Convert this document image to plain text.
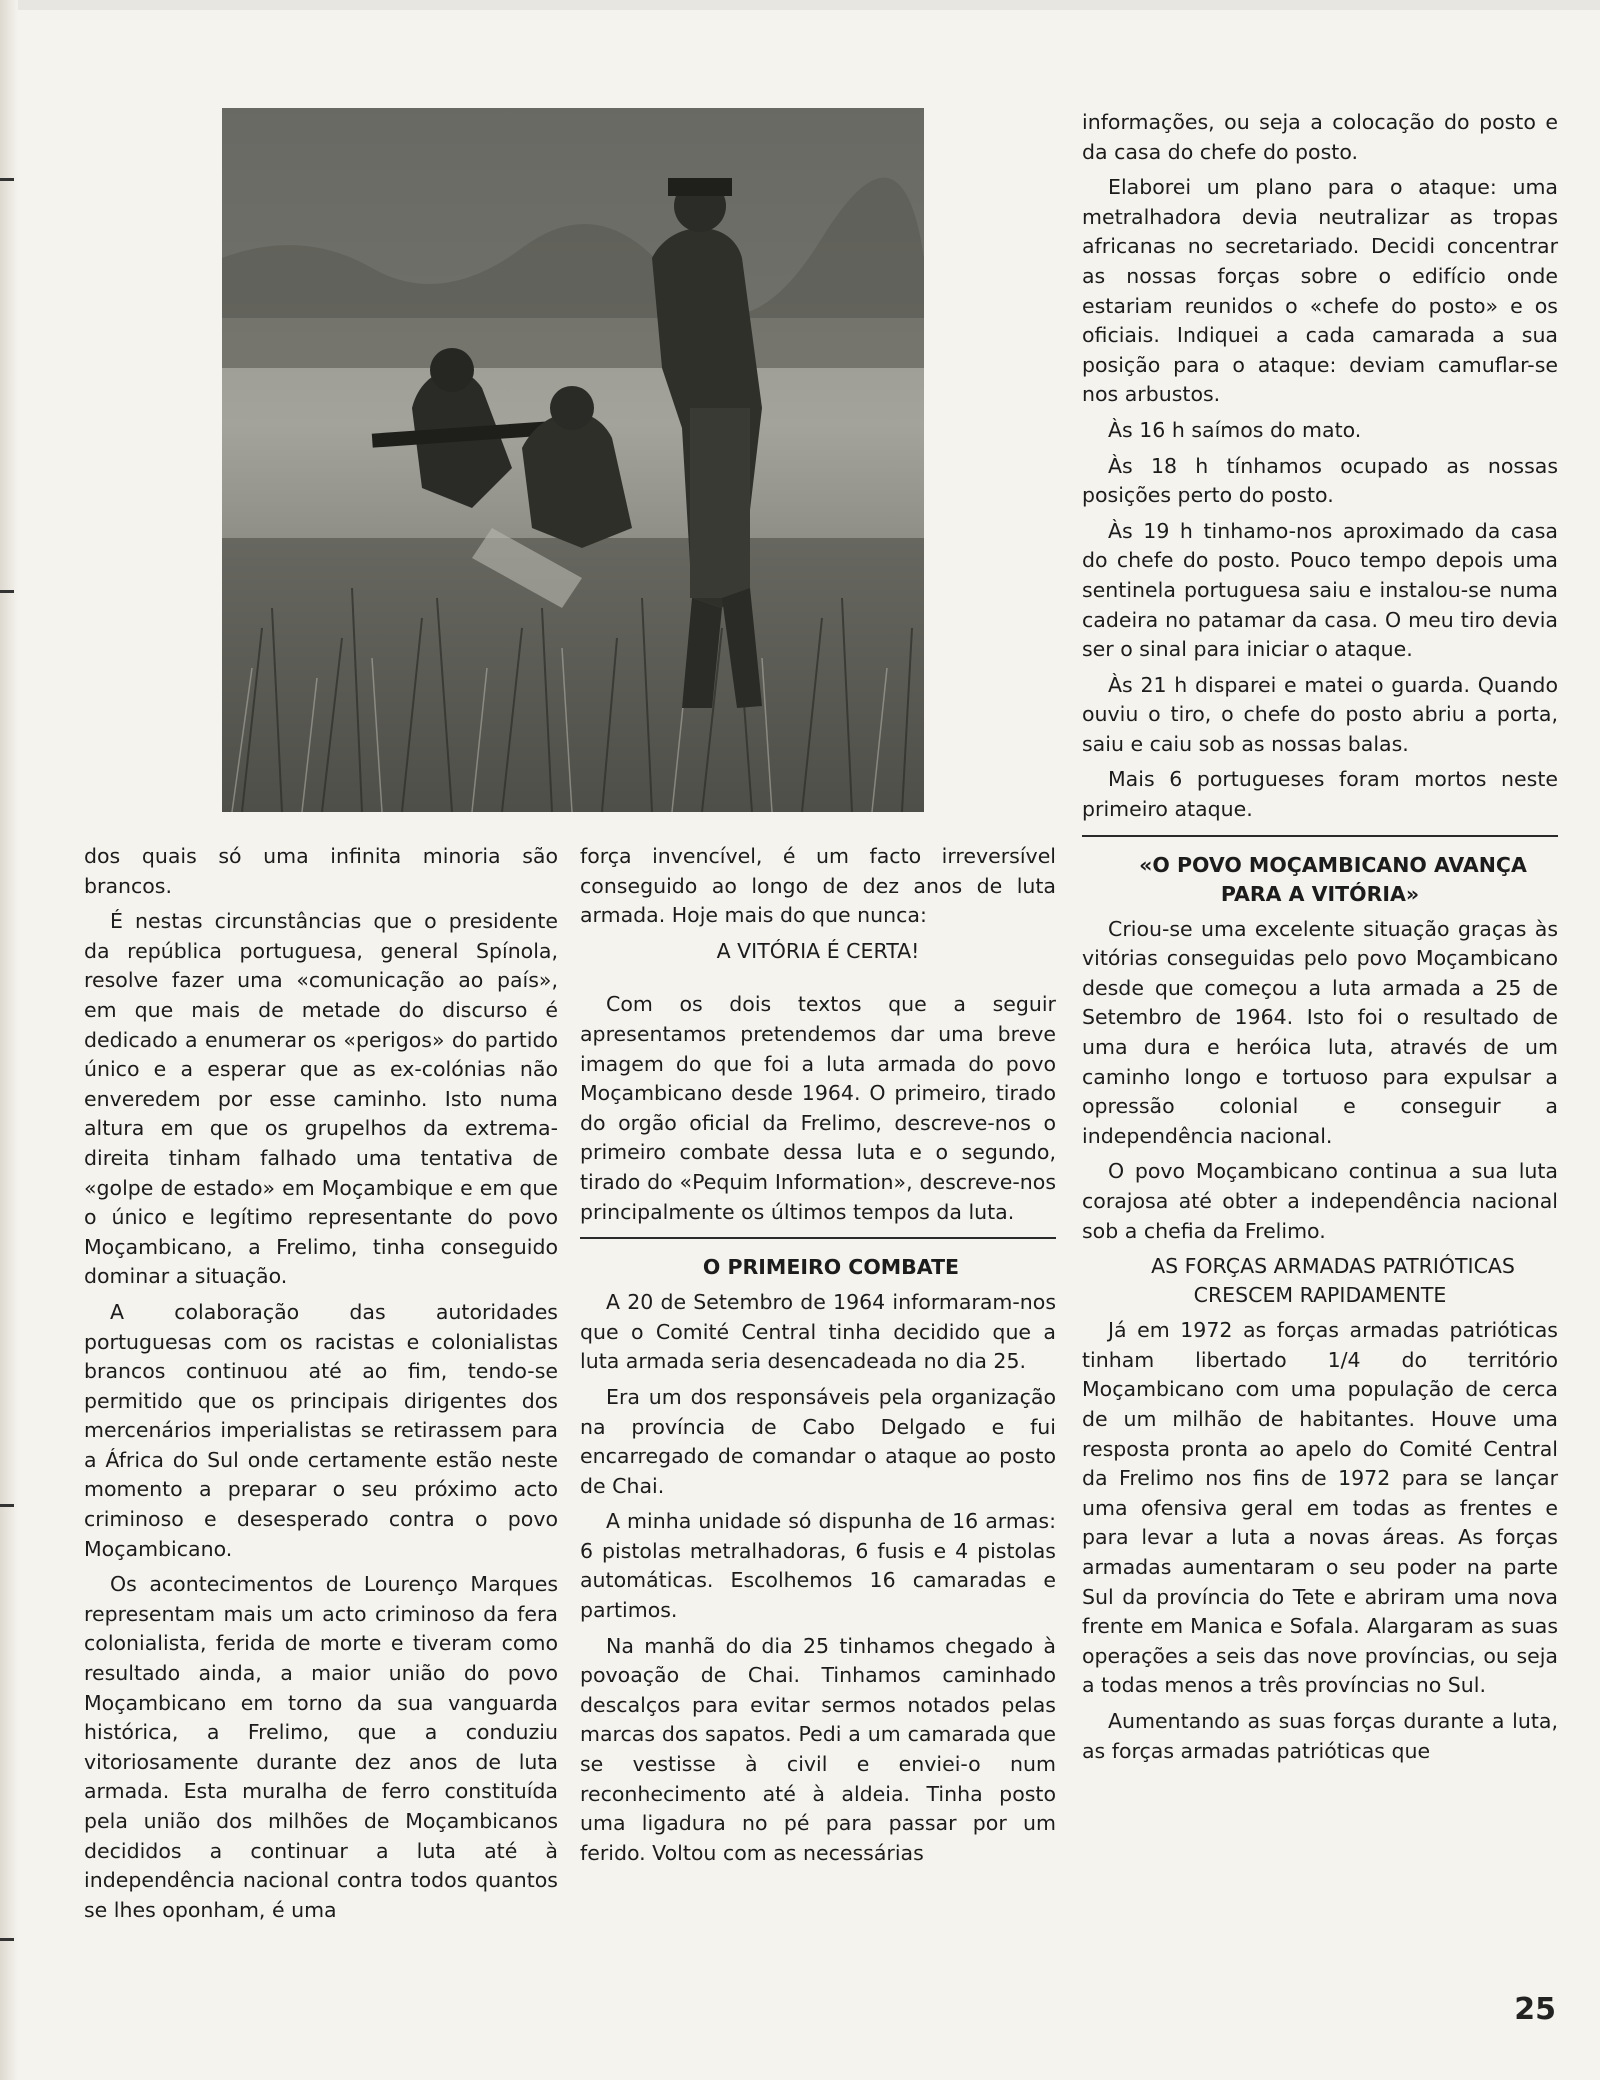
dos quais só uma infinita minoria são brancos.

É nestas circunstâncias que o presidente da república portuguesa, general Spínola, resolve fazer uma «comunicação ao país», em que mais de metade do discurso é dedicado a enumerar os «perigos» do partido único e a esperar que as ex-colónias não enveredem por esse caminho. Isto numa altura em que os grupelhos da extrema-direita tinham falhado uma tentativa de «golpe de estado» em Moçambique e em que o único e legítimo representante do povo Moçambicano, a Frelimo, tinha conseguido dominar a situação.

A colaboração das autoridades portuguesas com os racistas e colonialistas brancos continuou até ao fim, tendo-se permitido que os principais dirigentes dos mercenários imperialistas se retirassem para a África do Sul onde certamente estão neste momento a preparar o seu próximo acto criminoso e desesperado contra o povo Moçambicano.

Os acontecimentos de Lourenço Marques representam mais um acto criminoso da fera colonialista, ferida de morte e tiveram como resultado ainda, a maior união do povo Moçambicano em torno da sua vanguarda histórica, a Frelimo, que a conduziu vitoriosamente durante dez anos de luta armada. Esta muralha de ferro constituída pela união dos milhões de Moçambicanos decididos a continuar a luta até à independência nacional contra todos quantos se lhes oponham, é uma

força invencível, é um facto irreversível conseguido ao longo de dez anos de luta armada. Hoje mais do que nunca:

A VITÓRIA É CERTA!

Com os dois textos que a seguir apresentamos pretendemos dar uma breve imagem do que foi a luta armada do povo Moçambicano desde 1964. O primeiro, tirado do orgão oficial da Frelimo, descreve-nos o primeiro combate dessa luta e o segundo, tirado do «Pequim Information», descreve-nos principalmente os últimos tempos da luta.

O PRIMEIRO COMBATE

A 20 de Setembro de 1964 informaram-nos que o Comité Central tinha decidido que a luta armada seria desencadeada no dia 25.

Era um dos responsáveis pela organização na província de Cabo Delgado e fui encarregado de comandar o ataque ao posto de Chai.

A minha unidade só dispunha de 16 armas: 6 pistolas metralhadoras, 6 fusis e 4 pistolas automáticas. Escolhemos 16 camaradas e partimos.

Na manhã do dia 25 tinhamos chegado à povoação de Chai. Tinhamos caminhado descalços para evitar sermos notados pelas marcas dos sapatos. Pedi a um camarada que se vestisse à civil e enviei-o num reconhecimento até à aldeia. Tinha posto uma ligadura no pé para passar por um ferido. Voltou com as necessárias

informações, ou seja a colocação do posto e da casa do chefe do posto.

Elaborei um plano para o ataque: uma metralhadora devia neutralizar as tropas africanas no secretariado. Decidi concentrar as nossas forças sobre o edifício onde estariam reunidos o «chefe do posto» e os oficiais. Indiquei a cada camarada a sua posição para o ataque: deviam camuflar-se nos arbustos.

Às 16 h saímos do mato.

Às 18 h tínhamos ocupado as nossas posições perto do posto.

Às 19 h tinhamo-nos aproximado da casa do chefe do posto. Pouco tempo depois uma sentinela portuguesa saiu e instalou-se numa cadeira no patamar da casa. O meu tiro devia ser o sinal para iniciar o ataque.

Às 21 h disparei e matei o guarda. Quando ouviu o tiro, o chefe do posto abriu a porta, saiu e caiu sob as nossas balas.

Mais 6 portugueses foram mortos neste primeiro ataque.

«O POVO MOÇAMBICANO AVANÇA PARA A VITÓRIA»

Criou-se uma excelente situação graças às vitórias conseguidas pelo povo Moçambicano desde que começou a luta armada a 25 de Setembro de 1964. Isto foi o resultado de uma dura e heróica luta, através de um caminho longo e tortuoso para expulsar a opressão colonial e conseguir a independência nacional.

O povo Moçambicano continua a sua luta corajosa até obter a independência nacional sob a chefia da Frelimo.

AS FORÇAS ARMADAS PATRIÓTICAS CRESCEM RAPIDAMENTE

Já em 1972 as forças armadas patrióticas tinham libertado 1/4 do território Moçambicano com uma população de cerca de um milhão de habitantes. Houve uma resposta pronta ao apelo do Comité Central da Frelimo nos fins de 1972 para se lançar uma ofensiva geral em todas as frentes e para levar a luta a novas áreas. As forças armadas aumentaram o seu poder na parte Sul da província do Tete e abriram uma nova frente em Manica e Sofala. Alargaram as suas operações a seis das nove províncias, ou seja a todas menos a três províncias no Sul.

Aumentando as suas forças durante a luta, as forças armadas patrióticas que

25
